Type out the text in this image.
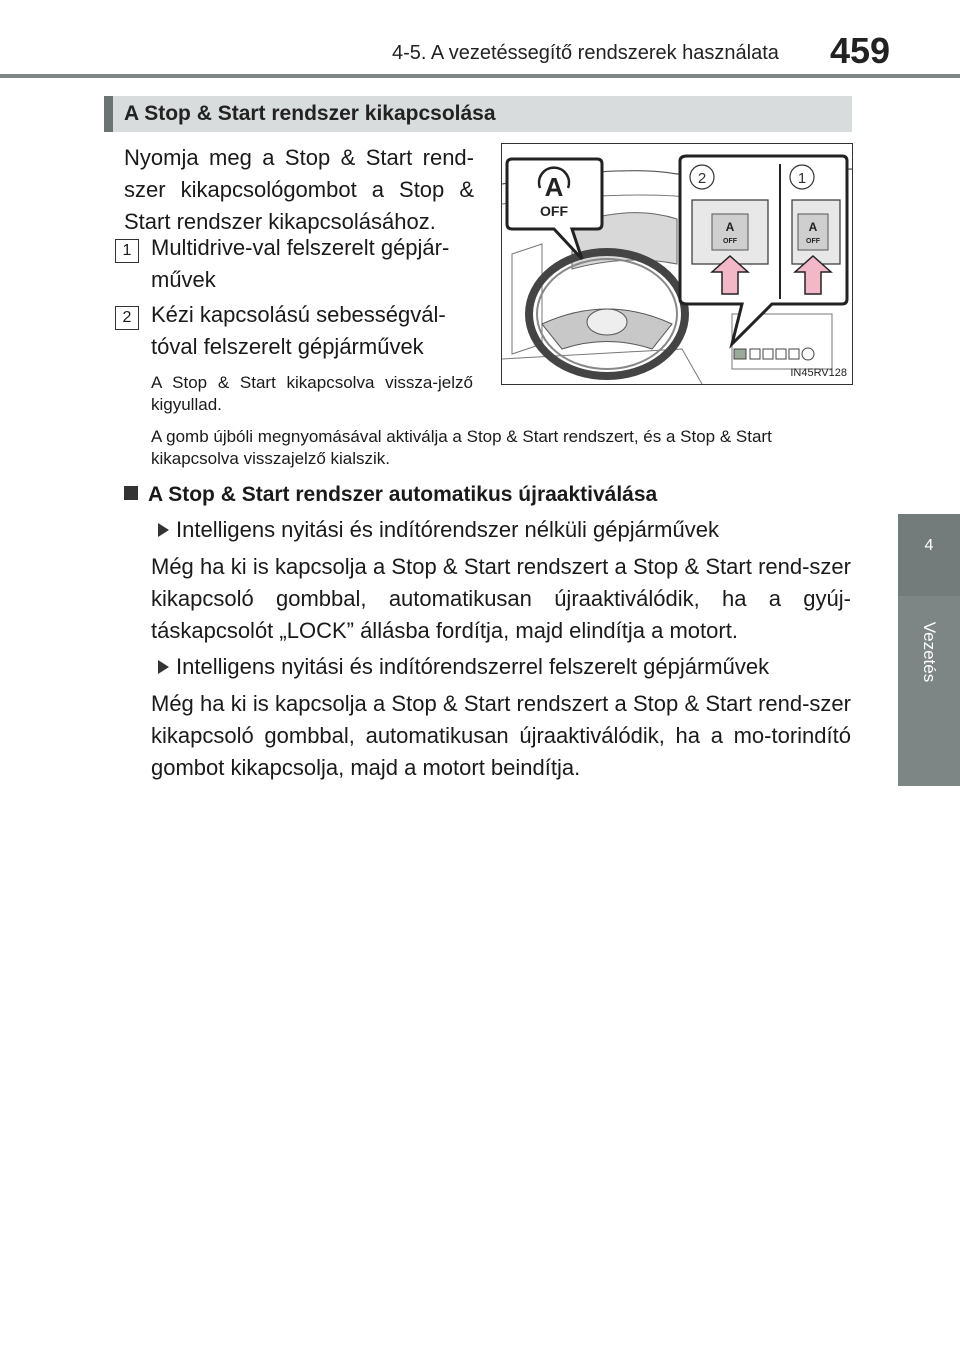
4-5. A vezetéssegítő rendszerek használata 459
4
Vezetés
A Stop & Start rendszer kikapcsolása
Nyomja meg a Stop & Start rend-szer kikapcsológombot a Stop & Start rendszer kikapcsolásához.
1 Multidrive-val felszerelt gépjár-
művek
2 Kézi kapcsolású sebességvál-
tóval felszerelt gépjárművek
A Stop & Start kikapcsolva vissza-jelző kigyullad.
A gomb újbóli megnyomásával aktiválja a Stop & Start rendszert, és a Stop & Start kikapcsolva visszajelző kialszik.
A Stop & Start rendszer automatikus újraaktiválása
Intelligens nyitási és indítórendszer nélküli gépjárművek
Még ha ki is kapcsolja a Stop & Start rendszert a Stop & Start rend-szer kikapcsoló gombbal, automatikusan újraaktiválódik, ha a gyúj-táskapcsolót „LOCK” állásba fordítja, majd elindítja a motort.
Intelligens nyitási és indítórendszerrel felszerelt gépjárművek
Még ha ki is kapcsolja a Stop & Start rendszert a Stop & Start rend-szer kikapcsoló gombbal, automatikusan újraaktiválódik, ha a mo-torindító gombot kikapcsolja, majd a motort beindítja.
A
OFF
2	1
A
OFF
A
OFF
IN45RV128
